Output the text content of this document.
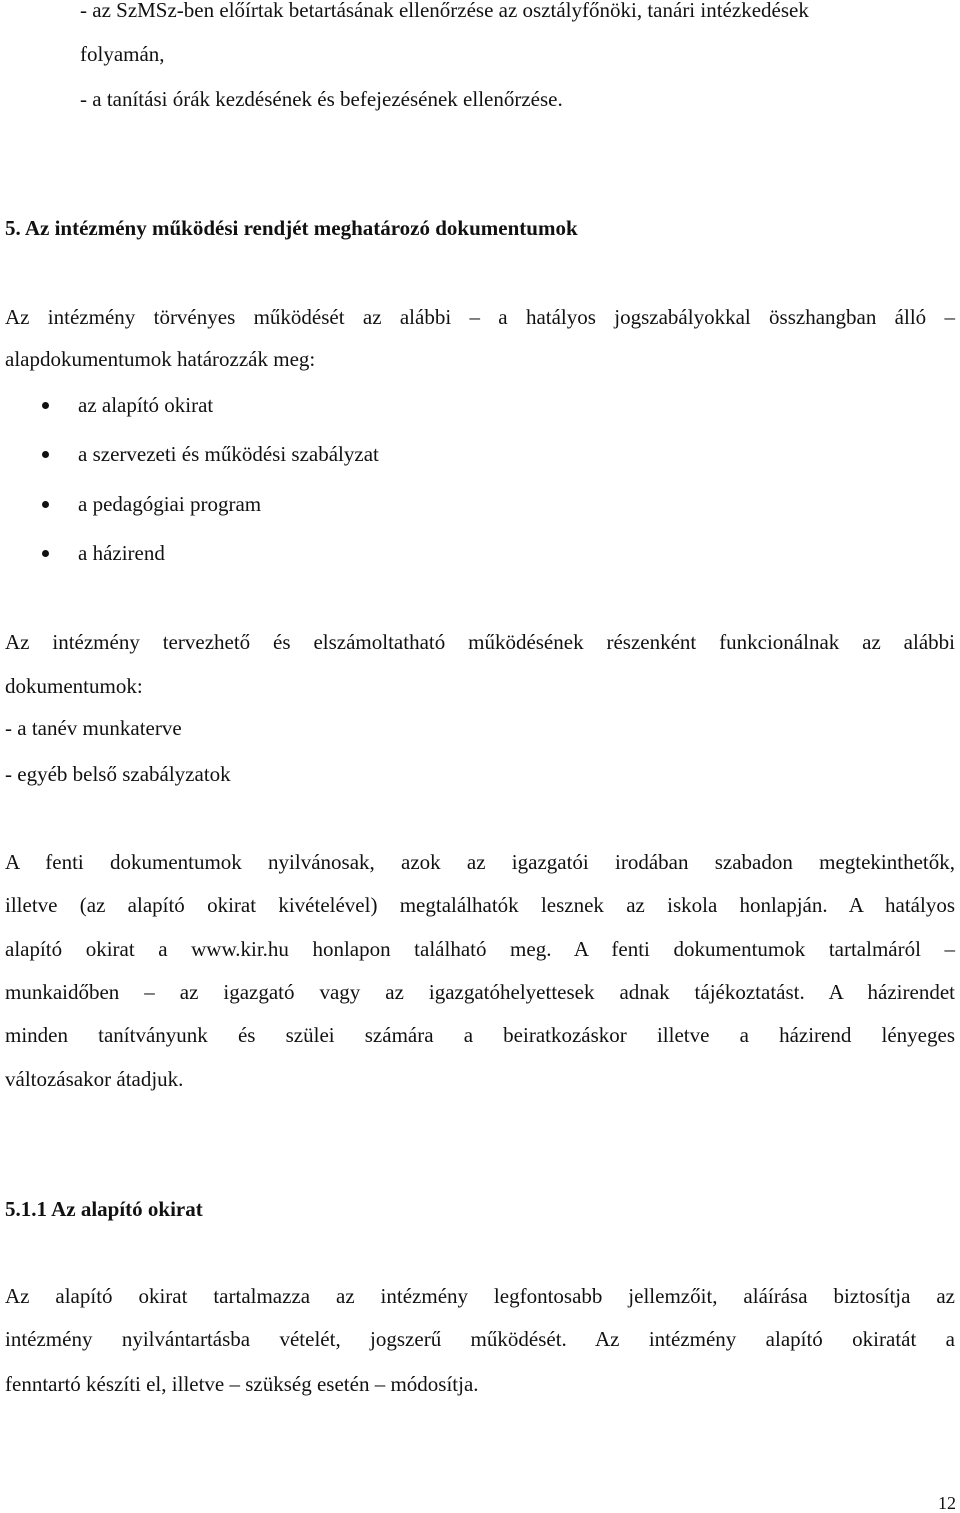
- az SzMSz-ben előírtak betartásának ellenőrzése az osztályfőnöki, tanári intézkedések
folyamán,
- a tanítási órák kezdésének és befejezésének ellenőrzése.
5. Az intézmény működési rendjét meghatározó dokumentumok
Az intézmény törvényes működését az alábbi – a hatályos jogszabályokkal összhangban álló –
alapdokumentumok határozzák meg:
az alapító okirat
a szervezeti és működési szabályzat
a pedagógiai program
a házirend
Az intézmény tervezhető és elszámoltatható működésének részenként funkcionálnak az alábbi
dokumentumok:
- a tanév munkaterve
- egyéb belső szabályzatok
A fenti dokumentumok nyilvánosak, azok az igazgatói irodában szabadon megtekinthetők,
illetve (az alapító okirat kivételével) megtalálhatók lesznek az iskola honlapján. A hatályos
alapító okirat a www.kir.hu honlapon található meg. A fenti dokumentumok tartalmáról –
munkaidőben – az igazgató vagy az igazgatóhelyettesek adnak tájékoztatást. A házirendet
minden tanítványunk és szülei számára a beiratkozáskor illetve a házirend lényeges
változásakor átadjuk.
5.1.1 Az alapító okirat
Az alapító okirat tartalmazza az intézmény legfontosabb jellemzőit, aláírása biztosítja az
intézmény nyilvántartásba vételét, jogszerű működését. Az intézmény alapító okiratát a
fenntartó készíti el, illetve – szükség esetén – módosítja.
12
